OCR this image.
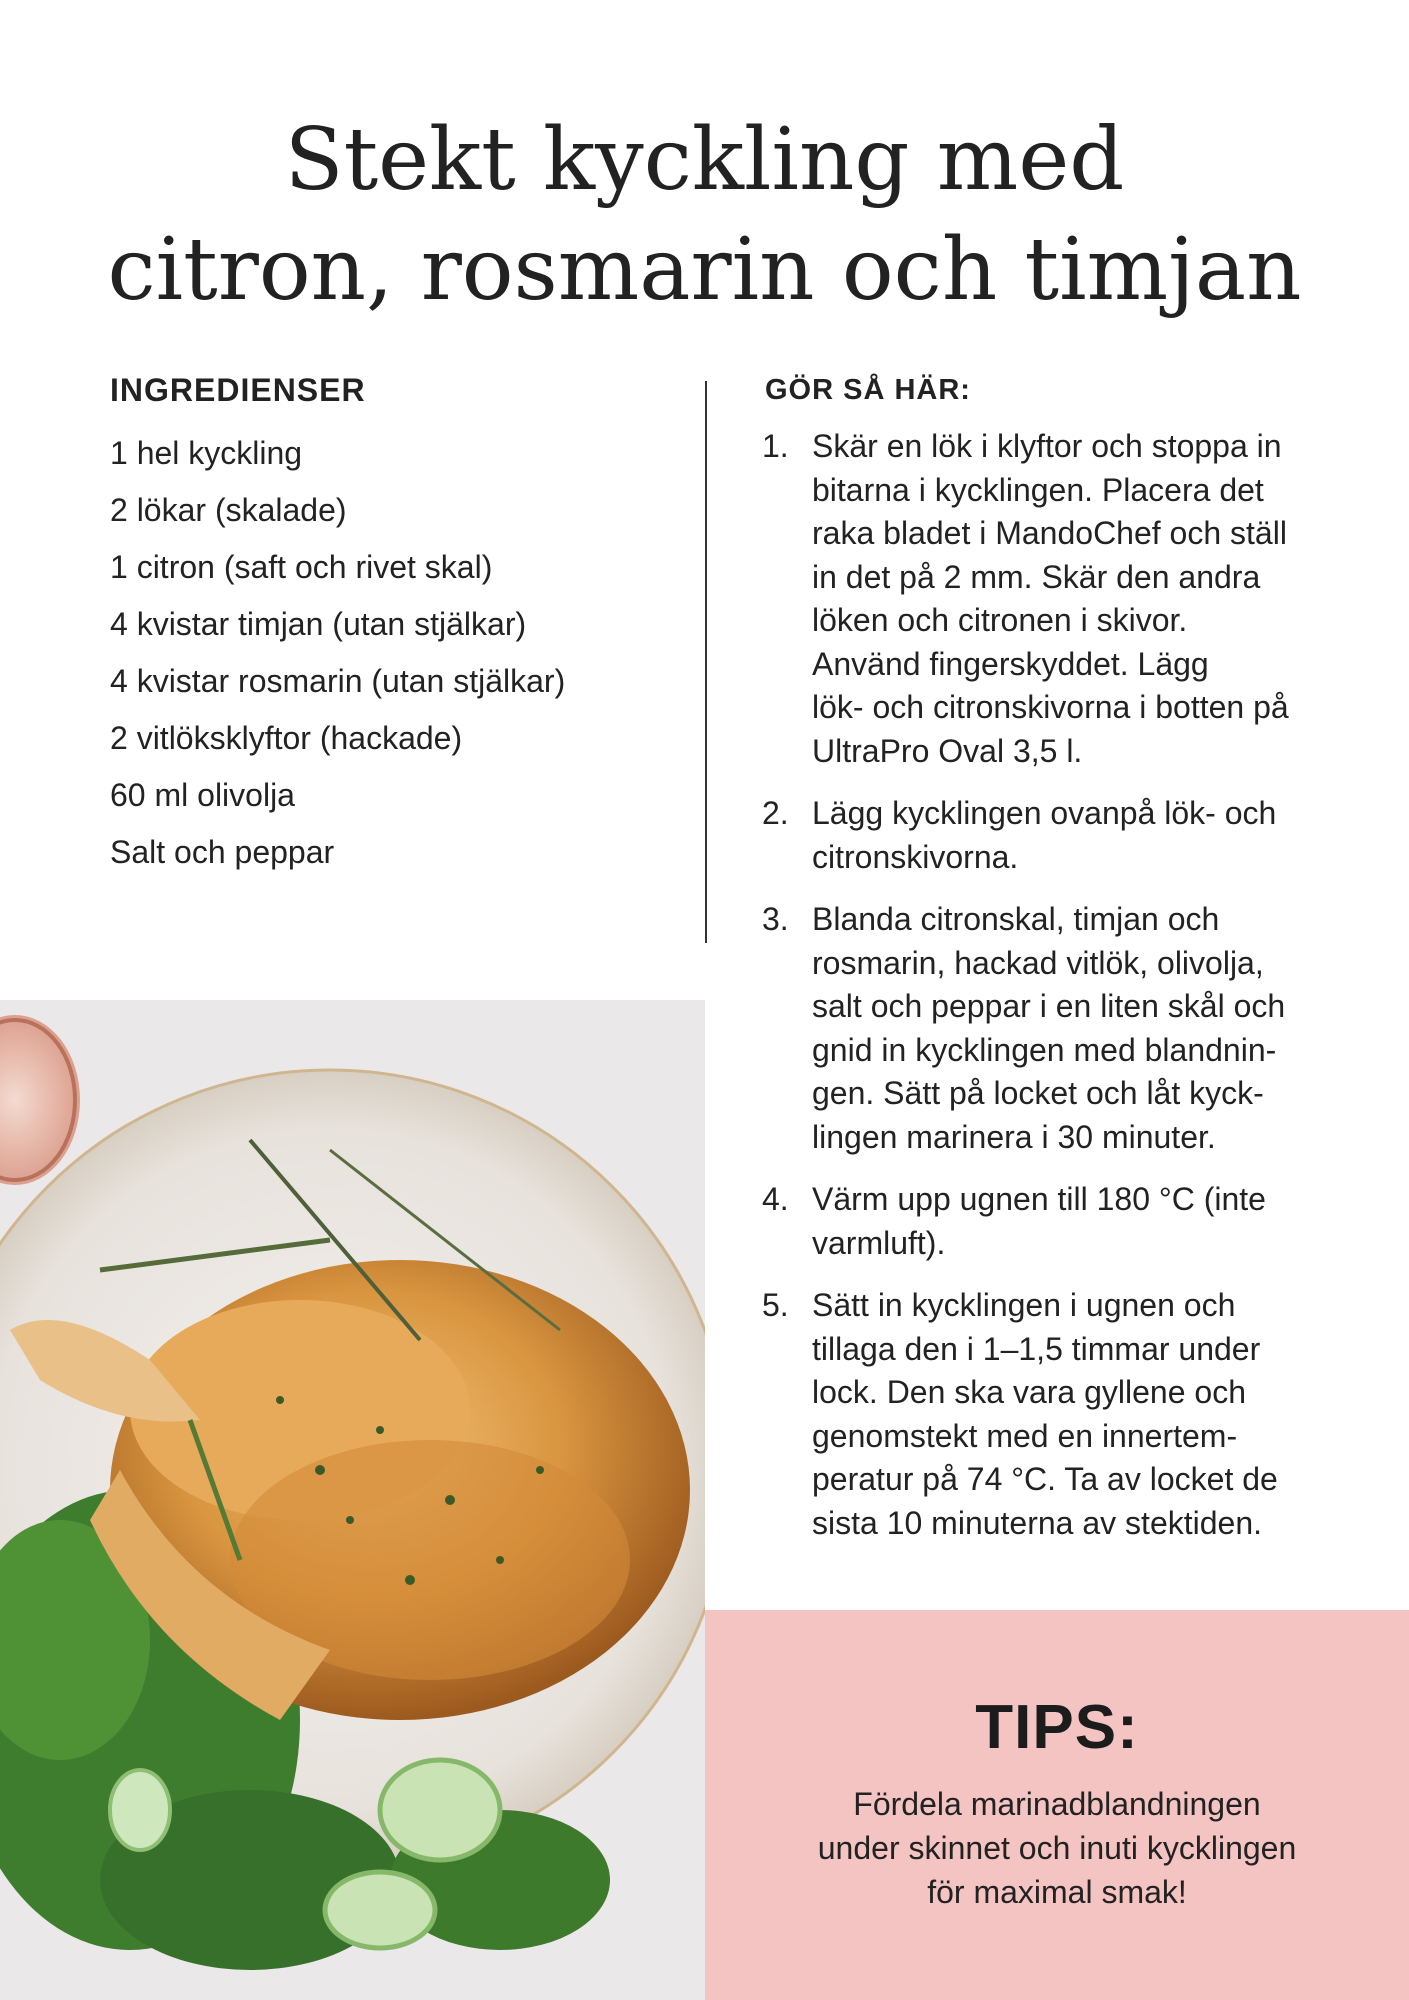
Stekt kyckling med
citron, rosmarin och timjan
INGREDIENSER
1 hel kyckling
2 lökar (skalade)
1 citron (saft och rivet skal)
4 kvistar timjan (utan stjälkar)
4 kvistar rosmarin (utan stjälkar)
2 vitlöksklyftor (hackade)
60 ml olivolja
Salt och peppar
GÖR SÅ HÄR:
1. Skär en lök i klyftor och stoppa in
bitarna i kycklingen. Placera det
raka bladet i MandoChef och ställ
in det på 2 mm. Skär den andra
löken och citronen i skivor.
Använd fingerskyddet. Lägg
lök- och citronskivorna i botten på
UltraPro Oval 3,5 l.
2. Lägg kycklingen ovanpå lök- och
citronskivorna.
3. Blanda citronskal, timjan och
rosmarin, hackad vitlök, olivolja,
salt och peppar i en liten skål och
gnid in kycklingen med blandnin-
gen. Sätt på locket och låt kyck-
lingen marinera i 30 minuter.
4. Värm upp ugnen till 180 °C (inte
varmluft).
5. Sätt in kycklingen i ugnen och
tillaga den i 1–1,5 timmar under
lock. Den ska vara gyllene och
genomstekt med en innertem-
peratur på 74 °C. Ta av locket de
sista 10 minuterna av stektiden.
TIPS:
Fördela marinadblandningen
under skinnet och inuti kycklingen
för maximal smak!
